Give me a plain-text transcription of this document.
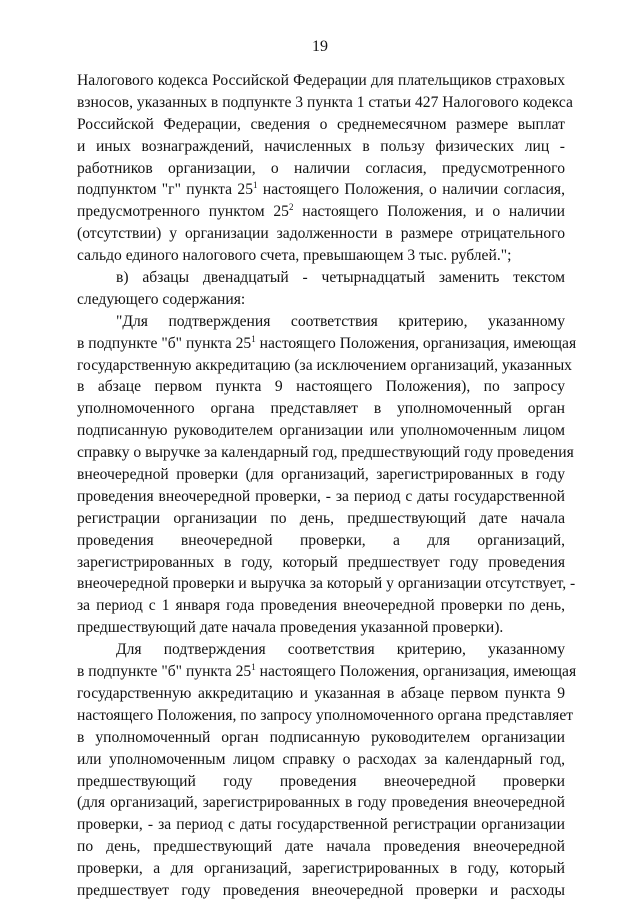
19
Налогового кодекса Российской Федерации для плательщиков страховых
взносов, указанных в подпункте 3 пункта 1 статьи 427 Налогового кодекса
Российской Федерации, сведения о среднемесячном размере выплат
и иных вознаграждений, начисленных в пользу физических лиц -
работников организации, о наличии согласия, предусмотренного
подпунктом "г" пункта $25^1$ настоящего Положения, о наличии согласия,
предусмотренного пунктом $25^2$ настоящего Положения, и о наличии
(отсутствии) у организации задолженности в размере отрицательного
сальдо единого налогового счета, превышающем 3 тыс. рублей.";
в) абзацы двенадцатый - четырнадцатый заменить текстом
следующего содержания:
"Для подтверждения соответствия критерию, указанному
в подпункте "б" пункта $25^1$ настоящего Положения, организация, имеющая
государственную аккредитацию (за исключением организаций, указанных
в абзаце первом пункта 9 настоящего Положения), по запросу
уполномоченного органа представляет в уполномоченный орган
подписанную руководителем организации или уполномоченным лицом
справку о выручке за календарный год, предшествующий году проведения
внеочередной проверки (для организаций, зарегистрированных в году
проведения внеочередной проверки, - за период с даты государственной
регистрации организации по день, предшествующий дате начала
проведения внеочередной проверки, а для организаций,
зарегистрированных в году, который предшествует году проведения
внеочередной проверки и выручка за который у организации отсутствует, -
за период с 1 января года проведения внеочередной проверки по день,
предшествующий дате начала проведения указанной проверки).
Для подтверждения соответствия критерию, указанному
в подпункте "б" пункта $25^1$ настоящего Положения, организация, имеющая
государственную аккредитацию и указанная в абзаце первом пункта 9
настоящего Положения, по запросу уполномоченного органа представляет
в уполномоченный орган подписанную руководителем организации
или уполномоченным лицом справку о расходах за календарный год,
предшествующий году проведения внеочередной проверки
(для организаций, зарегистрированных в году проведения внеочередной
проверки, - за период с даты государственной регистрации организации
по день, предшествующий дате начала проведения внеочередной
проверки, а для организаций, зарегистрированных в году, который
предшествует году проведения внеочередной проверки и расходы
